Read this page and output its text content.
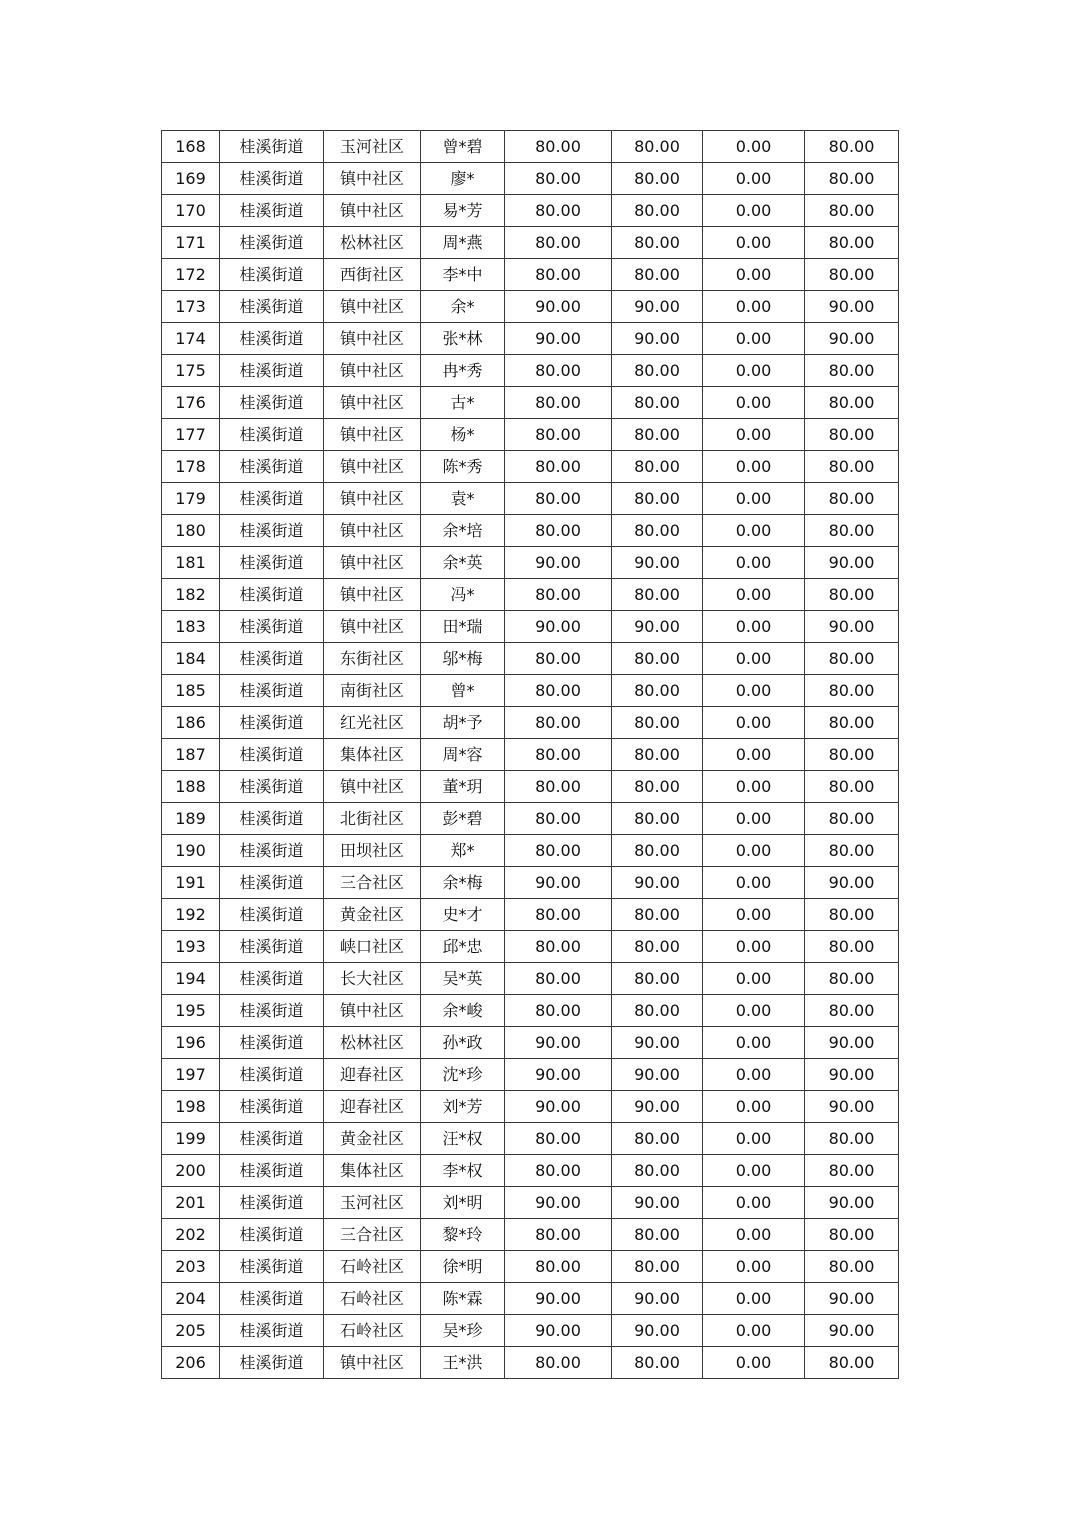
168	桂溪街道	玉河社区	曾*碧	80.00	80.00	0.00	80.00
169	桂溪街道	镇中社区	廖*	80.00	80.00	0.00	80.00
170	桂溪街道	镇中社区	易*芳	80.00	80.00	0.00	80.00
171	桂溪街道	松林社区	周*燕	80.00	80.00	0.00	80.00
172	桂溪街道	西街社区	李*中	80.00	80.00	0.00	80.00
173	桂溪街道	镇中社区	余*	90.00	90.00	0.00	90.00
174	桂溪街道	镇中社区	张*林	90.00	90.00	0.00	90.00
175	桂溪街道	镇中社区	冉*秀	80.00	80.00	0.00	80.00
176	桂溪街道	镇中社区	古*	80.00	80.00	0.00	80.00
177	桂溪街道	镇中社区	杨*	80.00	80.00	0.00	80.00
178	桂溪街道	镇中社区	陈*秀	80.00	80.00	0.00	80.00
179	桂溪街道	镇中社区	袁*	80.00	80.00	0.00	80.00
180	桂溪街道	镇中社区	余*培	80.00	80.00	0.00	80.00
181	桂溪街道	镇中社区	余*英	90.00	90.00	0.00	90.00
182	桂溪街道	镇中社区	冯*	80.00	80.00	0.00	80.00
183	桂溪街道	镇中社区	田*瑞	90.00	90.00	0.00	90.00
184	桂溪街道	东街社区	邬*梅	80.00	80.00	0.00	80.00
185	桂溪街道	南街社区	曾*	80.00	80.00	0.00	80.00
186	桂溪街道	红光社区	胡*予	80.00	80.00	0.00	80.00
187	桂溪街道	集体社区	周*容	80.00	80.00	0.00	80.00
188	桂溪街道	镇中社区	董*玥	80.00	80.00	0.00	80.00
189	桂溪街道	北街社区	彭*碧	80.00	80.00	0.00	80.00
190	桂溪街道	田坝社区	郑*	80.00	80.00	0.00	80.00
191	桂溪街道	三合社区	余*梅	90.00	90.00	0.00	90.00
192	桂溪街道	黄金社区	史*才	80.00	80.00	0.00	80.00
193	桂溪街道	峡口社区	邱*忠	80.00	80.00	0.00	80.00
194	桂溪街道	长大社区	吴*英	80.00	80.00	0.00	80.00
195	桂溪街道	镇中社区	余*峻	80.00	80.00	0.00	80.00
196	桂溪街道	松林社区	孙*政	90.00	90.00	0.00	90.00
197	桂溪街道	迎春社区	沈*珍	90.00	90.00	0.00	90.00
198	桂溪街道	迎春社区	刘*芳	90.00	90.00	0.00	90.00
199	桂溪街道	黄金社区	汪*权	80.00	80.00	0.00	80.00
200	桂溪街道	集体社区	李*权	80.00	80.00	0.00	80.00
201	桂溪街道	玉河社区	刘*明	90.00	90.00	0.00	90.00
202	桂溪街道	三合社区	黎*玲	80.00	80.00	0.00	80.00
203	桂溪街道	石岭社区	徐*明	80.00	80.00	0.00	80.00
204	桂溪街道	石岭社区	陈*霖	90.00	90.00	0.00	90.00
205	桂溪街道	石岭社区	吴*珍	90.00	90.00	0.00	90.00
206	桂溪街道	镇中社区	王*洪	80.00	80.00	0.00	80.00
